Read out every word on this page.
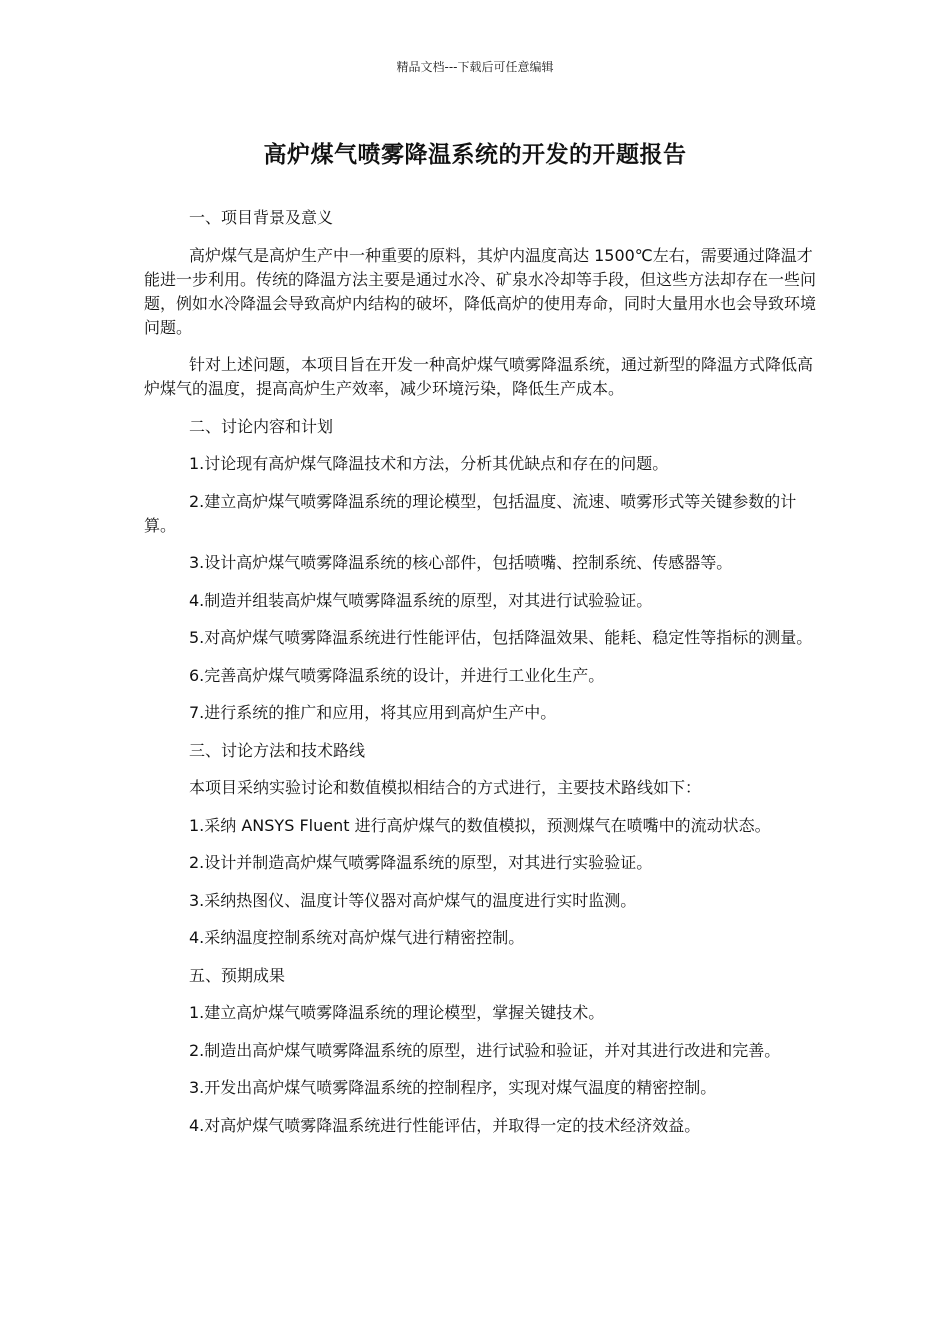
精品文档---下载后可任意编辑
高炉煤气喷雾降温系统的开发的开题报告

一、项目背景及意义

高炉煤气是高炉生产中一种重要的原料，其炉内温度高达 1500℃左右，需要通过降温才能进一步利用。传统的降温方法主要是通过水冷、矿泉水冷却等手段，但这些方法却存在一些问题，例如水冷降温会导致高炉内结构的破坏，降低高炉的使用寿命，同时大量用水也会导致环境问题。

针对上述问题，本项目旨在开发一种高炉煤气喷雾降温系统，通过新型的降温方式降低高炉煤气的温度，提高高炉生产效率，减少环境污染，降低生产成本。

二、讨论内容和计划

1.讨论现有高炉煤气降温技术和方法，分析其优缺点和存在的问题。

2.建立高炉煤气喷雾降温系统的理论模型，包括温度、流速、喷雾形式等关键参数的计算。

3.设计高炉煤气喷雾降温系统的核心部件，包括喷嘴、控制系统、传感器等。

4.制造并组装高炉煤气喷雾降温系统的原型，对其进行试验验证。

5.对高炉煤气喷雾降温系统进行性能评估，包括降温效果、能耗、稳定性等指标的测量。

6.完善高炉煤气喷雾降温系统的设计，并进行工业化生产。

7.进行系统的推广和应用，将其应用到高炉生产中。

三、讨论方法和技术路线

本项目采纳实验讨论和数值模拟相结合的方式进行，主要技术路线如下：

1.采纳 ANSYS Fluent 进行高炉煤气的数值模拟，预测煤气在喷嘴中的流动状态。

2.设计并制造高炉煤气喷雾降温系统的原型，对其进行实验验证。

3.采纳热图仪、温度计等仪器对高炉煤气的温度进行实时监测。

4.采纳温度控制系统对高炉煤气进行精密控制。

五、预期成果

1.建立高炉煤气喷雾降温系统的理论模型，掌握关键技术。

2.制造出高炉煤气喷雾降温系统的原型，进行试验和验证，并对其进行改进和完善。

3.开发出高炉煤气喷雾降温系统的控制程序，实现对煤气温度的精密控制。

4.对高炉煤气喷雾降温系统进行性能评估，并取得一定的技术经济效益。
